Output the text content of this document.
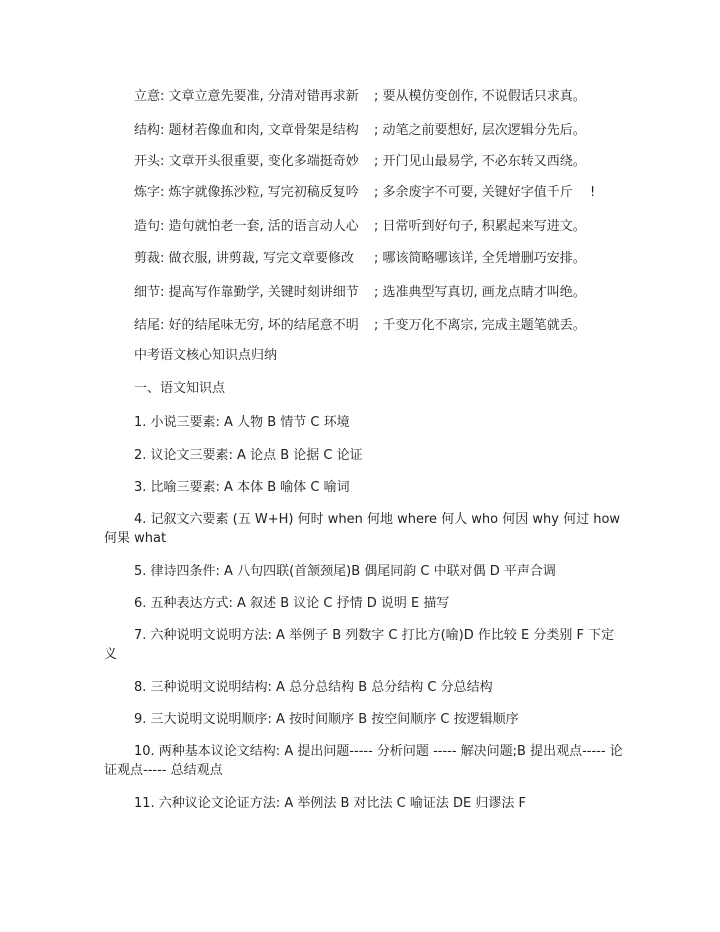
立意: 文章立意先要准, 分清对错再求新 ; 要从模仿变创作, 不说假话只求真。
结构: 题材若像血和肉, 文章骨架是结构 ; 动笔之前要想好, 层次逻辑分先后。
开头: 文章开头很重要, 变化多端挺奇妙 ; 开门见山最易学, 不必东转又西绕。
炼字: 炼字就像拣沙粒, 写完初稿反复吟 ; 多余废字不可要, 关键好字值千斤 !
造句: 造句就怕老一套, 活的语言动人心 ; 日常听到好句子, 积累起来写进文。
剪裁: 做衣服, 讲剪裁, 写完文章要修改 ; 哪该简略哪该详, 全凭增删巧安排。
细节: 提高写作靠勤学, 关键时刻讲细节 ; 选准典型写真切, 画龙点睛才叫绝。
结尾: 好的结尾味无穷, 坏的结尾意不明 ; 千变万化不离宗, 完成主题笔就丢。
中考语文核心知识点归纳
一、语文知识点
1. 小说三要素: A 人物 B 情节 C 环境
2. 议论文三要素: A 论点 B 论据 C 论证
3. 比喻三要素: A 本体 B 喻体 C 喻词
4. 记叙文六要素 (五 W+H) 何时 when 何地 where 何人 who 何因 why 何过 how 何果 what
5. 律诗四条件: A 八句四联(首颔颈尾)B 偶尾同韵 C 中联对偶 D 平声合调
6. 五种表达方式: A 叙述 B 议论 C 抒情 D 说明 E 描写
7. 六种说明文说明方法: A 举例子 B 列数字 C 打比方(喻)D 作比较 E 分类别 F 下定义
8. 三种说明文说明结构: A 总分总结构 B 总分结构 C 分总结构
9. 三大说明文说明顺序: A 按时间顺序 B 按空间顺序 C 按逻辑顺序
10. 两种基本议论文结构: A 提出问题----- 分析问题 ----- 解决问题;B 提出观点----- 论证观点----- 总结观点
11. 六种议论文论证方法: A 举例法 B 对比法 C 喻证法 DE 归谬法 F
